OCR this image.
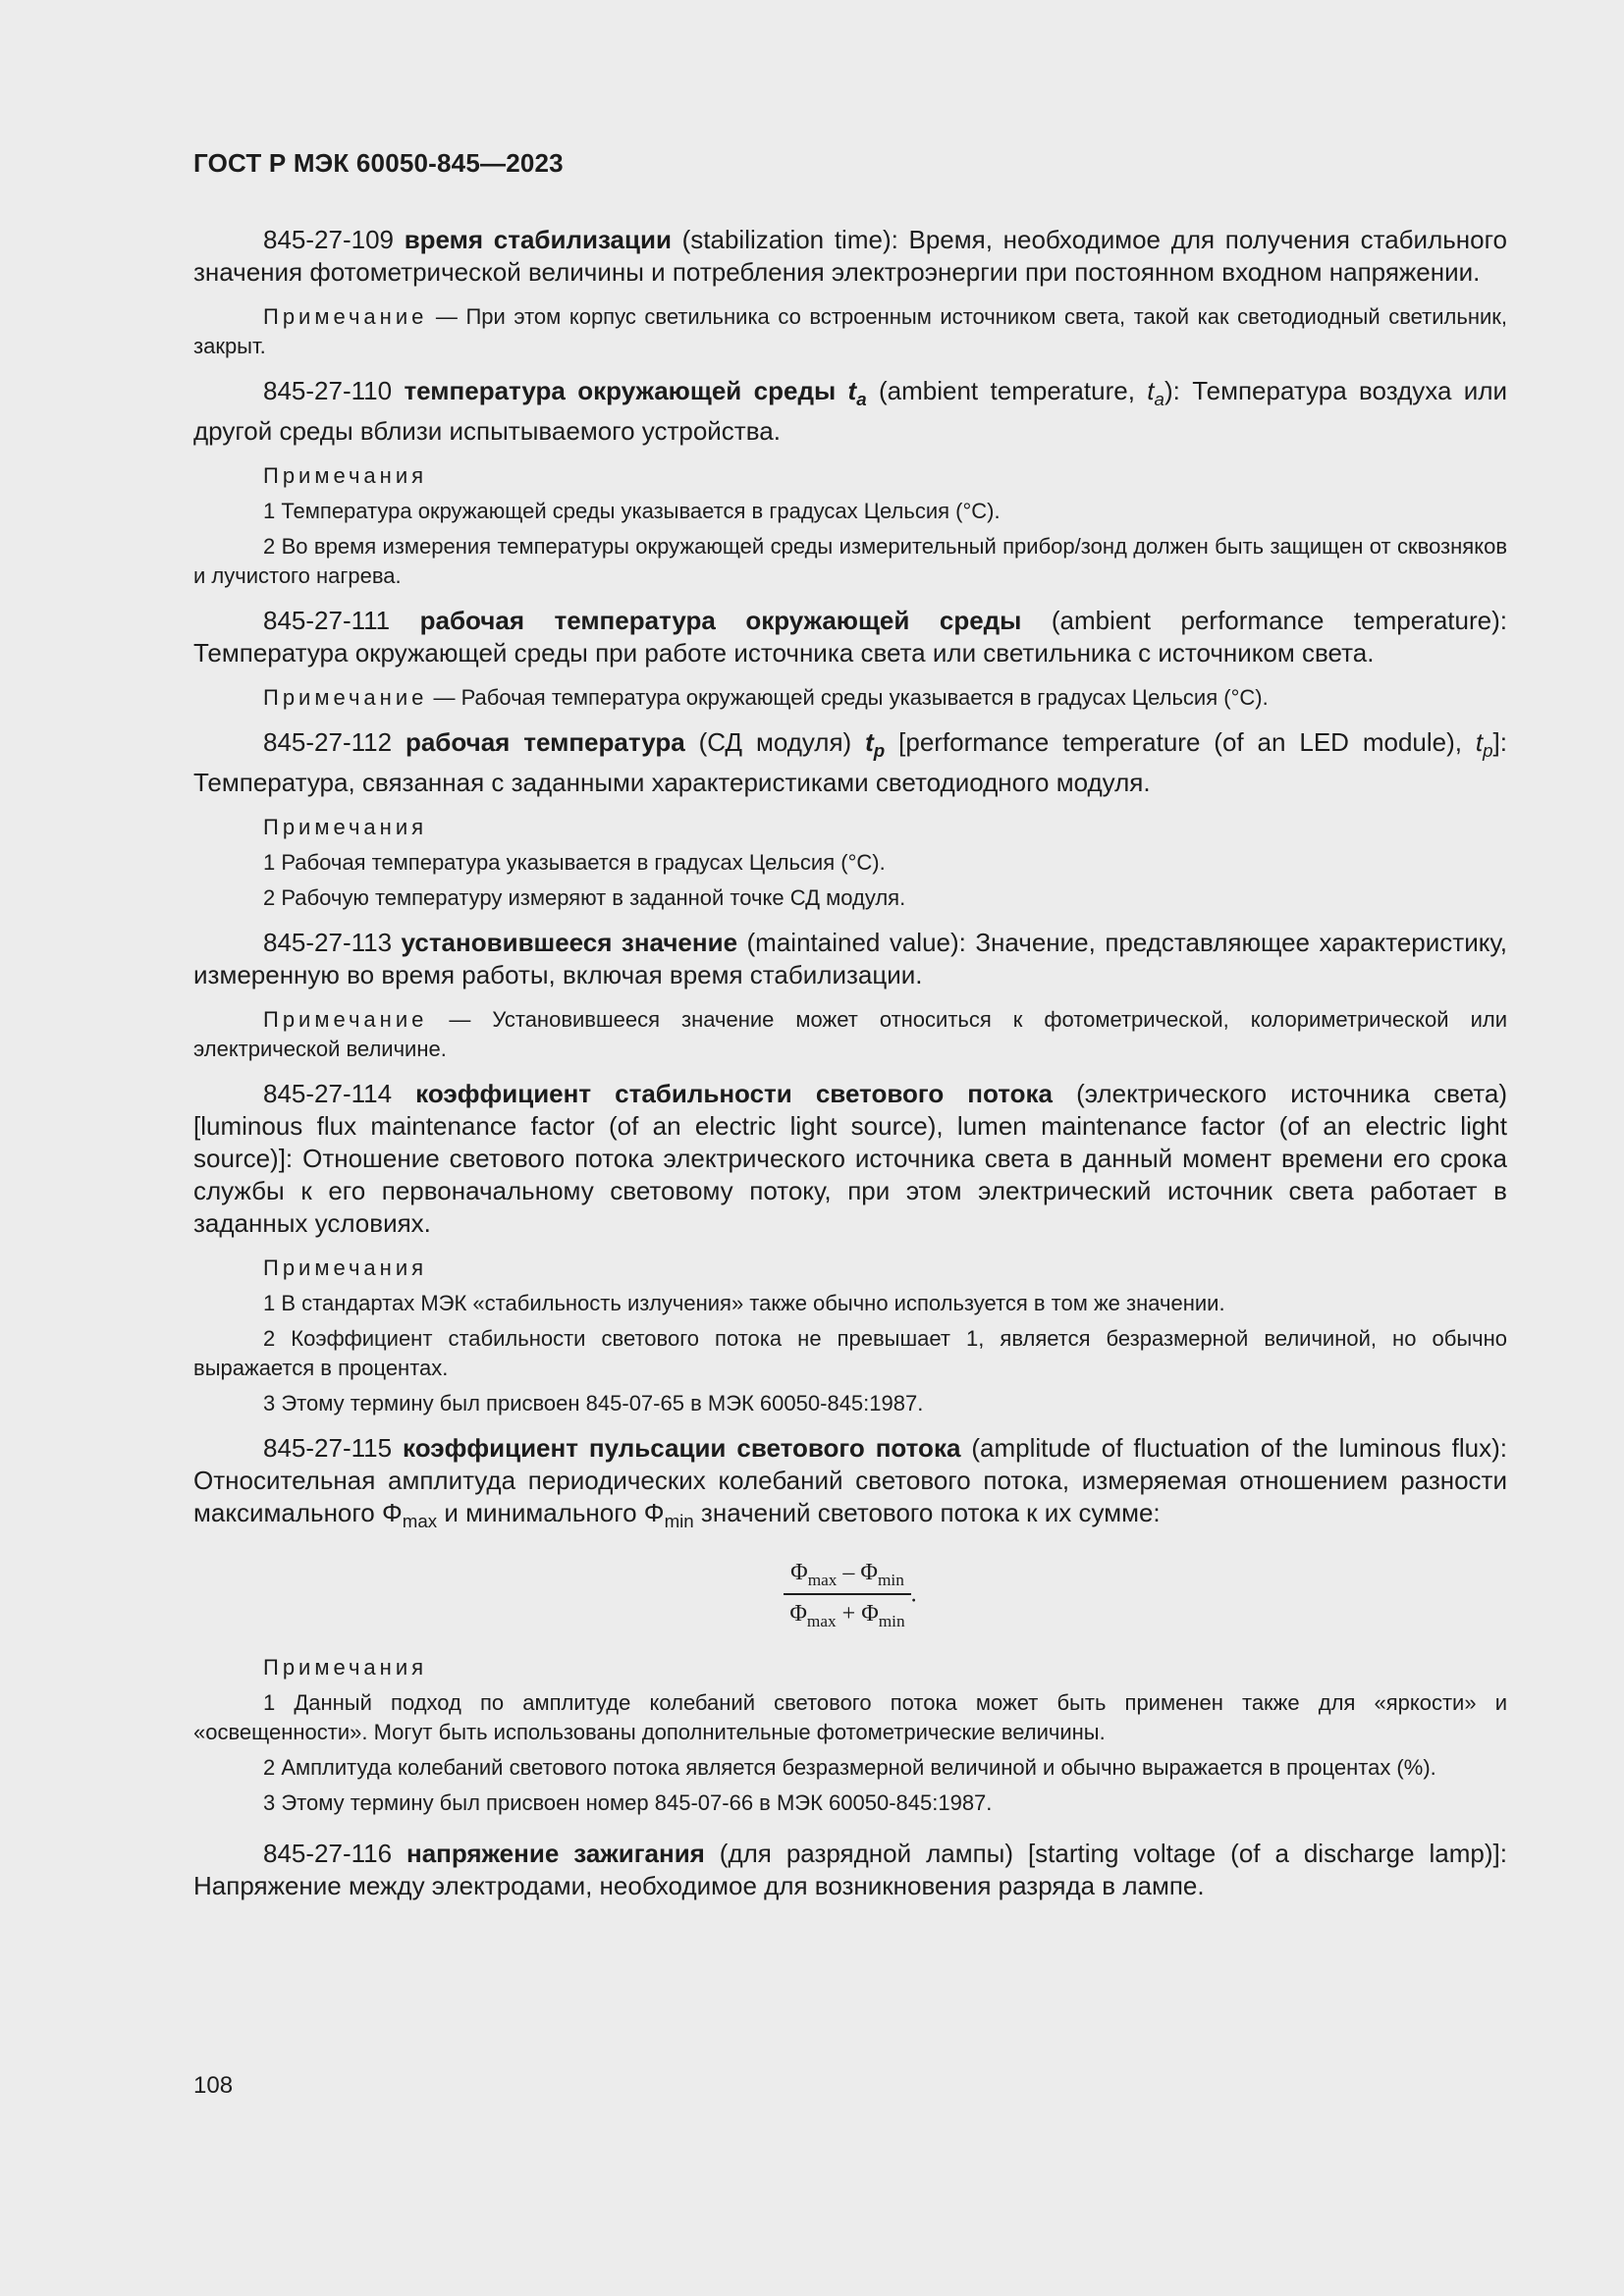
ГОСТ Р МЭК 60050-845—2023

845-27-109 время стабилизации (stabilization time): Время, необходимое для получения стабильного значения фотометрической величины и потребления электроэнергии при постоянном входном напряжении.

Примечание — При этом корпус светильника со встроенным источником света, такой как светодиодный светильник, закрыт.

845-27-110 температура окружающей среды $t_a$ (ambient temperature, $t_a$): Температура воздуха или другой среды вблизи испытываемого устройства.

Примечания

1 Температура окружающей среды указывается в градусах Цельсия (°C).

2 Во время измерения температуры окружающей среды измерительный прибор/зонд должен быть защищен от сквозняков и лучистого нагрева.

845-27-111 рабочая температура окружающей среды (ambient performance temperature): Температура окружающей среды при работе источника света или светильника с источником света.

Примечание — Рабочая температура окружающей среды указывается в градусах Цельсия (°C).

845-27-112 рабочая температура (СД модуля) $t_p$ [performance temperature (of an LED module), $t_p$]: Температура, связанная с заданными характеристиками светодиодного модуля.

Примечания

1 Рабочая температура указывается в градусах Цельсия (°C).

2 Рабочую температуру измеряют в заданной точке СД модуля.

845-27-113 установившееся значение (maintained value): Значение, представляющее характеристику, измеренную во время работы, включая время стабилизации.

Примечание — Установившееся значение может относиться к фотометрической, колориметрической или электрической величине.

845-27-114 коэффициент стабильности светового потока (электрического источника света) [luminous flux maintenance factor (of an electric light source), lumen maintenance factor (of an electric light source)]: Отношение светового потока электрического источника света в данный момент времени его срока службы к его первоначальному световому потоку, при этом электрический источник света работает в заданных условиях.

Примечания

1 В стандартах МЭК «стабильность излучения» также обычно используется в том же значении.

2 Коэффициент стабильности светового потока не превышает 1, является безразмерной величиной, но обычно выражается в процентах.

3 Этому термину был присвоен 845-07-65 в МЭК 60050-845:1987.

845-27-115 коэффициент пульсации светового потока (amplitude of fluctuation of the luminous flux): Относительная амплитуда периодических колебаний светового потока, измеряемая отношением разности максимального $\Phi_{max}$ и минимального $\Phi_{min}$ значений светового потока к их сумме:

$\frac{\Phi_{max} - \Phi_{min}}{\Phi_{max} + \Phi_{min}}$ .

Примечания

1 Данный подход по амплитуде колебаний светового потока может быть применен также для «яркости» и «освещенности». Могут быть использованы дополнительные фотометрические величины.

2 Амплитуда колебаний светового потока является безразмерной величиной и обычно выражается в процентах (%).

3 Этому термину был присвоен номер 845-07-66 в МЭК 60050-845:1987.

845-27-116 напряжение зажигания (для разрядной лампы) [starting voltage (of a discharge lamp)]: Напряжение между электродами, необходимое для возникновения разряда в лампе.

108
